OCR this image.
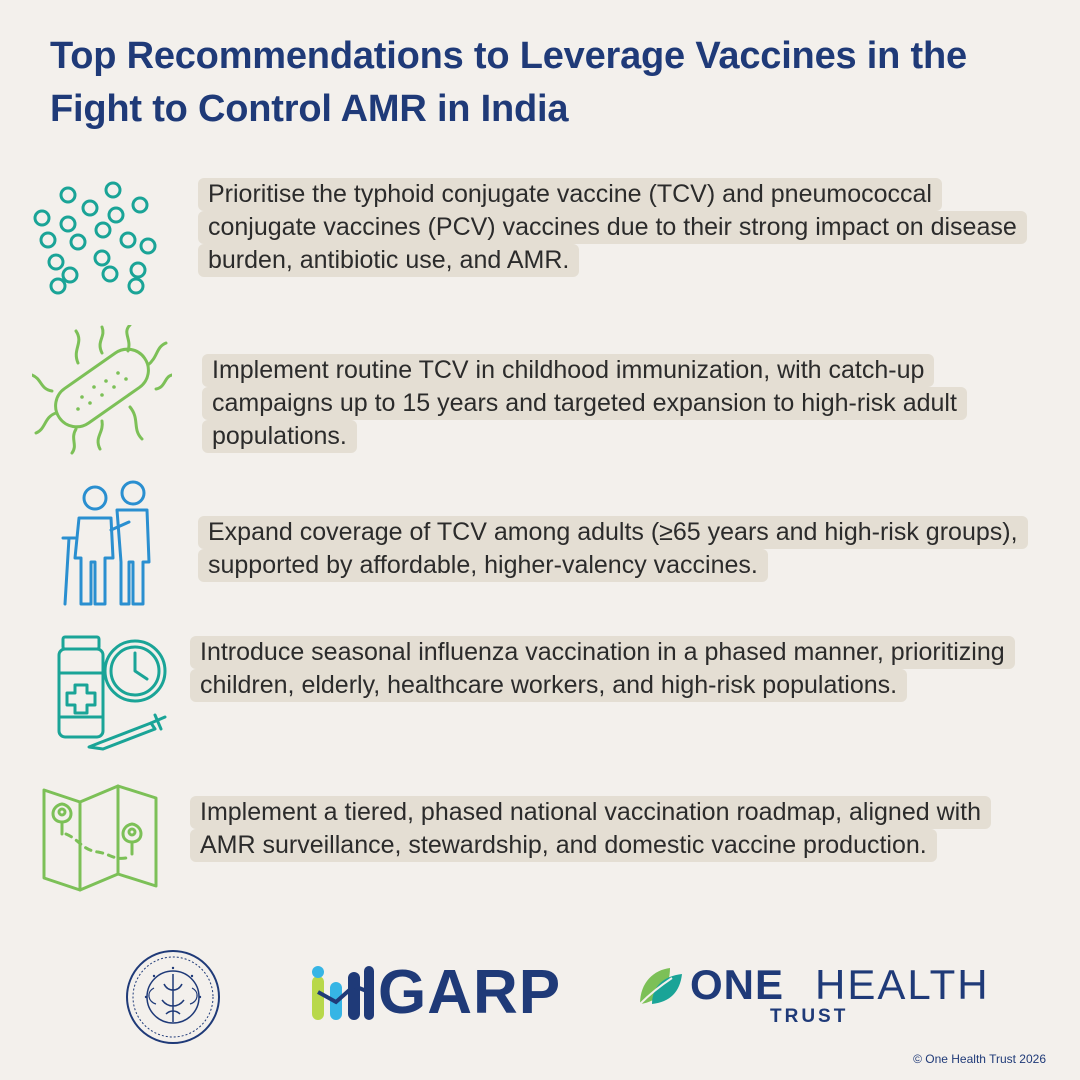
Top Recommendations to Leverage Vaccines in the Fight to Control AMR in India

Prioritise the typhoid conjugate vaccine (TCV) and pneumococcal conjugate vaccines (PCV) vaccines due to their strong impact on disease burden, antibiotic use, and AMR.

Implement routine TCV in childhood immunization, with catch-up campaigns up to 15 years and targeted expansion to high-risk adult populations.

Expand coverage of TCV among adults (≥65 years and high-risk groups), supported by affordable, higher-valency vaccines.

Introduce seasonal influenza vaccination in a phased manner, prioritizing children, elderly, healthcare workers, and high-risk populations.

Implement a tiered, phased national vaccination roadmap, aligned with AMR surveillance, stewardship, and domestic vaccine production.

GARP	ONE HEALTH
TRUST
© One Health Trust 2026
